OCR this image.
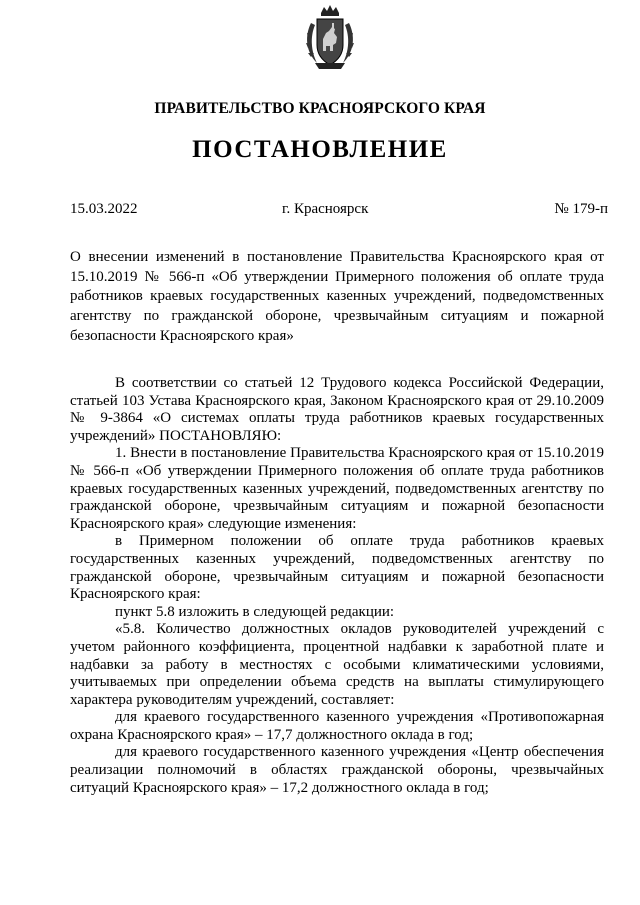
ПРАВИТЕЛЬСТВО КРАСНОЯРСКОГО КРАЯ
ПОСТАНОВЛЕНИЕ
15.03.2022	г. Красноярск	№ 179-п
О внесении изменений в постановление Правительства Красноярского края от 15.10.2019 № 566-п «Об утверждении Примерного положения об оплате труда работников краевых государственных казенных учреждений, подведомственных агентству по гражданской обороне, чрезвычайным ситуациям и пожарной безопасности Красноярского края»

В соответствии со статьей 12 Трудового кодекса Российской Федерации, статьей 103 Устава Красноярского края, Законом Красноярского края от 29.10.2009 № 9-3864 «О системах оплаты труда работников краевых государственных учреждений» ПОСТАНОВЛЯЮ:

1. Внести в постановление Правительства Красноярского края от 15.10.2019 № 566-п «Об утверждении Примерного положения об оплате труда работников краевых государственных казенных учреждений, подведомственных агентству по гражданской обороне, чрезвычайным ситуациям и пожарной безопасности Красноярского края» следующие изменения:

в Примерном положении об оплате труда работников краевых государственных казенных учреждений, подведомственных агентству по гражданской обороне, чрезвычайным ситуациям и пожарной безопасности Красноярского края:

пункт 5.8 изложить в следующей редакции:

«5.8. Количество должностных окладов руководителей учреждений с учетом районного коэффициента, процентной надбавки к заработной плате и надбавки за работу в местностях с особыми климатическими условиями, учитываемых при определении объема средств на выплаты стимулирующего характера руководителям учреждений, составляет:

для краевого государственного казенного учреждения «Противопожарная охрана Красноярского края» – 17,7 должностного оклада в год;

для краевого государственного казенного учреждения «Центр обеспечения реализации полномочий в областях гражданской обороны, чрезвычайных ситуаций Красноярского края» – 17,2 должностного оклада в год;
